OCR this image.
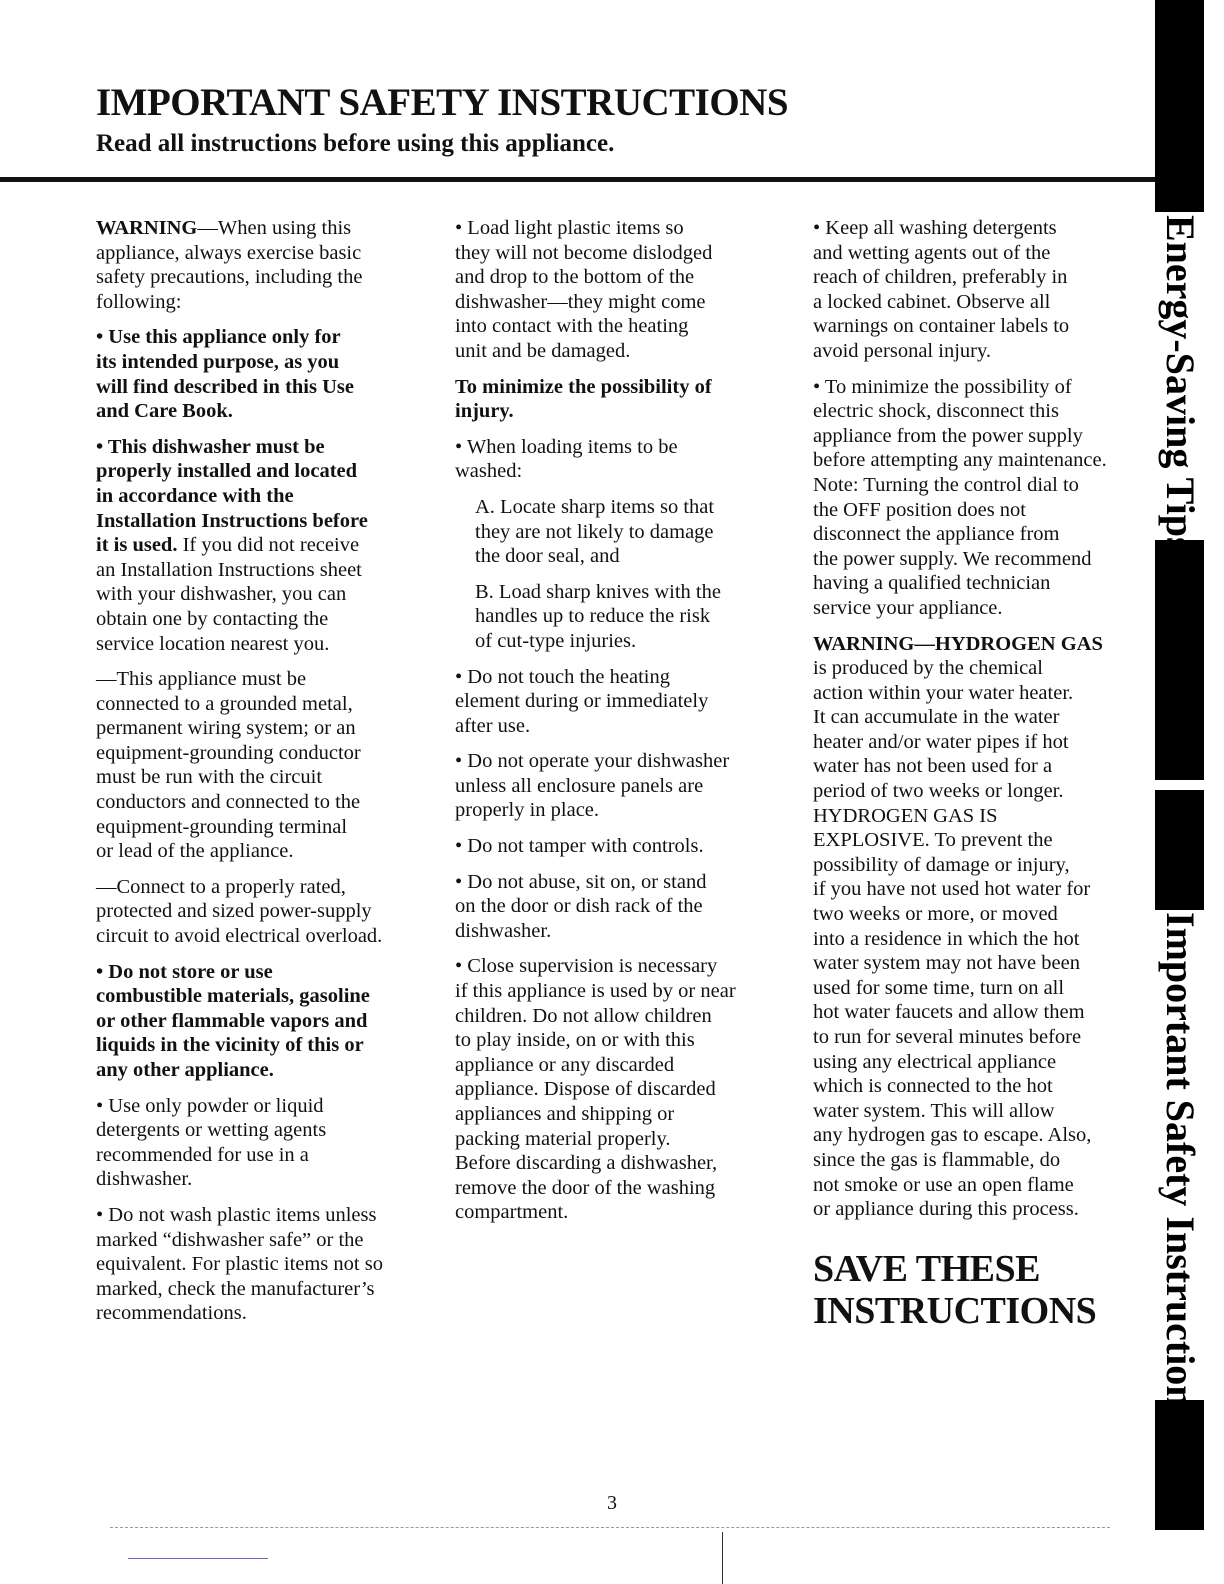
IMPORTANT SAFETY INSTRUCTIONS
Read all instructions before using this appliance.
WARNING—When using this
appliance, always exercise basic
safety precautions, including the
following:
• Use this appliance only for
its intended purpose, as you
will find described in this Use
and Care Book.
• This dishwasher must be
properly installed and located
in accordance with the
Installation Instructions before
it is used. If you did not receive

an Installation Instructions sheet
with your dishwasher, you can
obtain one by contacting the
service location nearest you.
—This appliance must be
connected to a grounded metal,
permanent wiring system; or an
equipment-grounding conductor
must be run with the circuit
conductors and connected to the
equipment-grounding terminal
or lead of the appliance.
—Connect to a properly rated,
protected and sized power-supply
circuit to avoid electrical overload.
• Do not store or use
combustible materials, gasoline
or other flammable vapors and
liquids in the vicinity of this or
any other appliance.
• Use only powder or liquid
detergents or wetting agents
recommended for use in a
dishwasher.
• Do not wash plastic items unless
marked “dishwasher safe” or the
equivalent. For plastic items not so
marked, check the manufacturer’s
recommendations.
• Load light plastic items so
they will not become dislodged
and drop to the bottom of the
dishwasher—they might come
into contact with the heating
unit and be damaged.
To minimize the possibility of
injury.
• When loading items to be
washed:
A. Locate sharp items so that
they are not likely to damage
the door seal, and
B. Load sharp knives with the
handles up to reduce the risk
of cut-type injuries.
• Do not touch the heating
element during or immediately
after use.
• Do not operate your dishwasher
unless all enclosure panels are
properly in place.
• Do not tamper with controls.
• Do not abuse, sit on, or stand
on the door or dish rack of the
dishwasher.
• Close supervision is necessary
if this appliance is used by or near
children. Do not allow children
to play inside, on or with this
appliance or any discarded
appliance. Dispose of discarded
appliances and shipping or
packing material properly.
Before discarding a dishwasher,
remove the door of the washing
compartment.
• Keep all washing detergents
and wetting agents out of the
reach of children, preferably in
a locked cabinet. Observe all
warnings on container labels to
avoid personal injury.
• To minimize the possibility of
electric shock, disconnect this
appliance from the power supply
before attempting any maintenance.
Note: Turning the control dial to
the OFF position does not
disconnect the appliance from
the power supply. We recommend
having a qualified technician
service your appliance.
WARNING—HYDROGEN GAS
is produced by the chemical
action within your water heater.
It can accumulate in the water
heater and/or water pipes if hot
water has not been used for a
period of two weeks or longer.
HYDROGEN GAS IS
EXPLOSIVE. To prevent the
possibility of damage or injury,
if you have not used hot water for
two weeks or more, or moved
into a residence in which the hot
water system may not have been
used for some time, turn on all
hot water faucets and allow them
to run for several minutes before
using any electrical appliance
which is connected to the hot
water system. This will allow
any hydrogen gas to escape. Also,
since the gas is flammable, do
not smoke or use an open flame
or appliance during this process.
SAVE THESE
INSTRUCTIONS
3
Energy-Saving Tips
Important Safety Instructions
